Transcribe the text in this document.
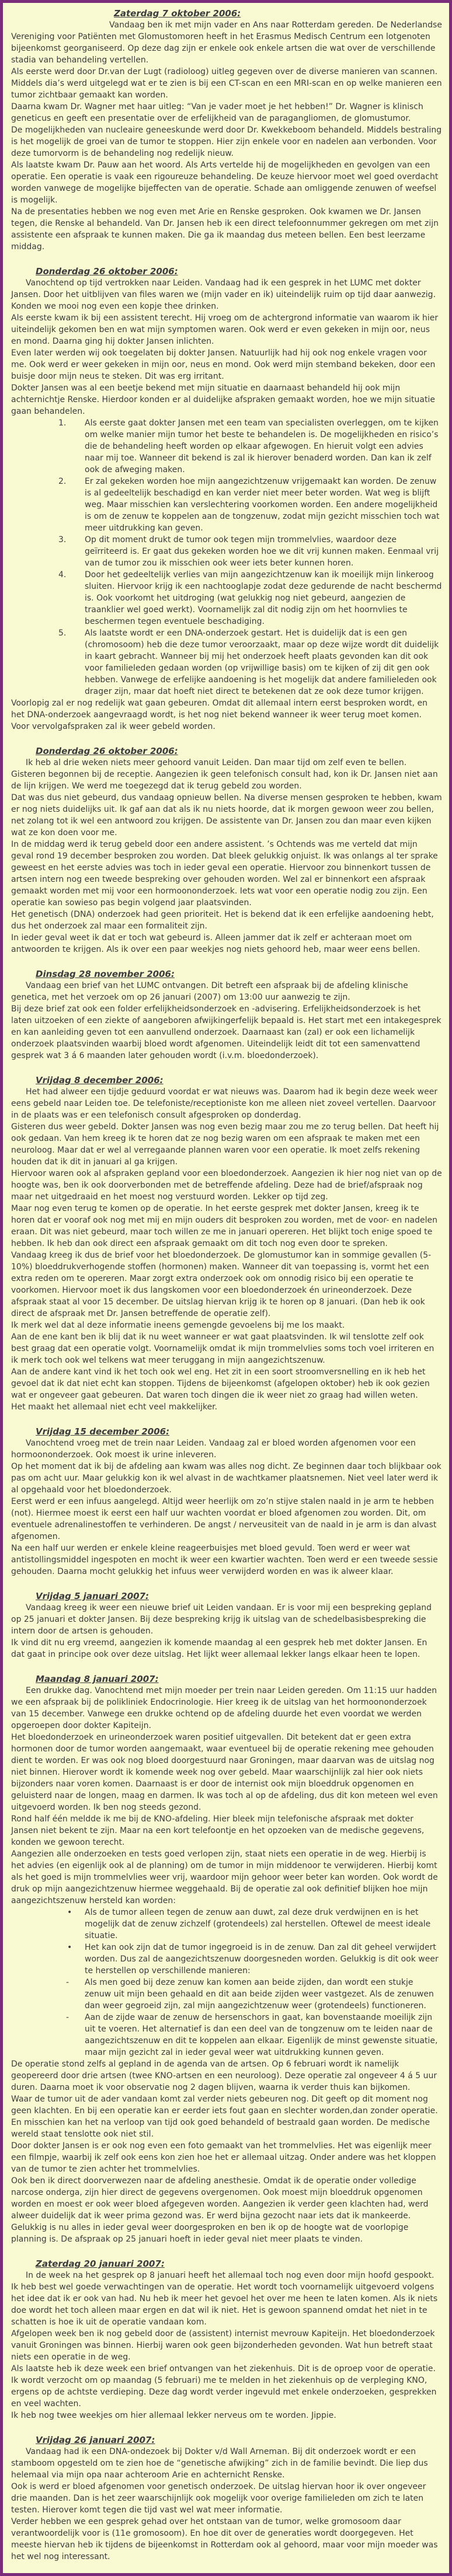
Zaterdag 7 oktober 2006:

Vandaag ben ik met mijn vader en Ans naar Rotterdam gereden. De Nederlandse Vereniging voor Patiënten met Glomustomoren heeft in het Erasmus Medisch Centrum een lotgenoten bijeenkomst georganiseerd. Op deze dag zijn er enkele ook enkele artsen die wat over de verschillende stadia van behandeling vertellen.

Als eerste werd door Dr.van der Lugt (radioloog) uitleg gegeven over de diverse manieren van scannen. Middels dia’s werd uitgelegd wat er te zien is bij een CT-scan en een MRI-scan en op welke manieren een tumor zichtbaar gemaakt kan worden.

Daarna kwam Dr. Wagner met haar uitleg: “Van je vader moet je het hebben!” Dr. Wagner is klinisch geneticus en geeft een presentatie over de erfelijkheid van de paragangliomen, de glomustumor.

De mogelijkheden van nucleaire geneeskunde werd door Dr. Kwekkeboom behandeld. Middels bestraling is het mogelijk de groei van de tumor te stoppen. Hier zijn enkele voor en nadelen aan verbonden. Voor deze tumorvorm is de behandeling nog redelijk nieuw.

Als laatste kwam Dr. Pauw aan het woord. Als Arts vertelde hij de mogelijkheden en gevolgen van een operatie. Een operatie is vaak een rigoureuze behandeling. De keuze hiervoor moet wel goed overdacht worden vanwege de mogelijke bijeffecten van de operatie. Schade aan omliggende zenuwen of weefsel is mogelijk.

Na de presentaties hebben we nog even met Arie en Renske gesproken. Ook kwamen we Dr. Jansen tegen, die Renske al behandeld. Van Dr. Jansen heb ik een direct telefoonnummer gekregen om met zijn assistente een afspraak te kunnen maken. Die ga ik maandag dus meteen bellen. Een best leerzame middag.

Donderdag 26 oktober 2006:

Vanochtend op tijd vertrokken naar Leiden. Vandaag had ik een gesprek in het LUMC met dokter Jansen. Door het uitblijven van files waren we (mijn vader en ik) uiteindelijk ruim op tijd daar aanwezig. Konden we mooi nog even een kopje thee drinken.

Als eerste kwam ik bij een assistent terecht. Hij vroeg om de achtergrond informatie van waarom ik hier uiteindelijk gekomen ben en wat mijn symptomen waren. Ook werd er even gekeken in mijn oor, neus en mond. Daarna ging hij dokter Jansen inlichten.

Even later werden wij ook toegelaten bij dokter Jansen. Natuurlijk had hij ook nog enkele vragen voor me. Ook werd er weer gekeken in mijn oor, neus en mond. Ook werd mijn stemband bekeken, door een buisje door mijn neus te steken. Dit was erg irritant.

Dokter Jansen was al een beetje bekend met mijn situatie en daarnaast behandeld hij ook mijn achternichtje Renske. Hierdoor konden er al duidelijke afspraken gemaakt worden, hoe we mijn situatie gaan behandelen.

1. Als eerste gaat dokter Jansen met een team van specialisten overleggen, om te kijken om welke manier mijn tumor het beste te behandelen is. De mogelijkheden en risico’s die de behandeling heeft worden op elkaar afgewogen. En hieruit volgt een advies naar mij toe. Wanneer dit bekend is zal ik hierover benaderd worden. Dan kan ik zelf ook de afweging maken.
2. Er zal gekeken worden hoe mijn aangezichtzenuw vrijgemaakt kan worden. De zenuw is al gedeeltelijk beschadigd en kan verder niet meer beter worden. Wat weg is blijft weg. Maar misschien kan verslechtering voorkomen worden. Een andere mogelijkheid is om de zenuw te koppelen aan de tongzenuw, zodat mijn gezicht misschien toch wat meer uitdrukking kan geven.
3. Op dit moment drukt de tumor ook tegen mijn trommelvlies, waardoor deze geïrriteerd is. Er gaat dus gekeken worden hoe we dit vrij kunnen maken. Eenmaal vrij van de tumor zou ik misschien ook weer iets beter kunnen horen.
4. Door het gedeeltelijk verlies van mijn aangezichtzenuw kan ik moeilijk mijn linkeroog sluiten. Hiervoor krijg ik een nachtooglapje zodat deze gedurende de nacht beschermd is. Ook voorkomt het uitdroging (wat gelukkig nog niet gebeurd, aangezien de traanklier wel goed werkt). Voornamelijk zal dit nodig zijn om het hoornvlies te beschermen tegen eventuele beschadiging.
5. Als laatste wordt er een DNA-onderzoek gestart. Het is duidelijk dat is een gen (chromosoom) heb die deze tumor veroorzaakt, maar op deze wijze wordt dit duidelijk in kaart gebracht. Wanneer bij mij het onderzoek heeft plaats gevonden kan dit ook voor familieleden gedaan worden (op vrijwillige basis) om te kijken of zij dit gen ook hebben. Vanwege de erfelijke aandoening is het mogelijk dat andere familieleden ook drager zijn, maar dat hoeft niet direct te betekenen dat ze ook deze tumor krijgen.

Voorlopig zal er nog redelijk wat gaan gebeuren. Omdat dit allemaal intern eerst besproken wordt, en het DNA-onderzoek aangevraagd wordt, is het nog niet bekend wanneer ik weer terug moet komen. Voor vervolgafspraken zal ik weer gebeld worden.

Donderdag 26 oktober 2006:

Ik heb al drie weken niets meer gehoord vanuit Leiden. Dan maar tijd om zelf even te bellen. Gisteren begonnen bij de receptie. Aangezien ik geen telefonisch consult had, kon ik Dr. Jansen niet aan de lijn krijgen. We werd me toegezegd dat ik terug gebeld zou worden.

Dat was dus niet gebeurd, dus vandaag opnieuw bellen. Na diverse mensen gesproken te hebben, kwam er nog niets duidelijks uit. Ik gaf aan dat als ik nu niets hoorde, dat ik morgen gewoon weer zou bellen, net zolang tot ik wel een antwoord zou krijgen. De assistente van Dr. Jansen zou dan maar even kijken wat ze kon doen voor me.

In de middag werd ik terug gebeld door een andere assistent. ’s Ochtends was me verteld dat mijn geval rond 19 december besproken zou worden. Dat bleek gelukkig onjuist. Ik was onlangs al ter sprake geweest en het eerste advies was toch in ieder geval een operatie. Hiervoor zou binnenkort tussen de artsen intern nog een tweede bespreking over gehouden worden. Wel zal er binnenkort een afspraak gemaakt worden met mij voor een hormoononderzoek. Iets wat voor een operatie nodig zou zijn. Een operatie kan sowieso pas begin volgend jaar plaatsvinden.

Het genetisch (DNA) onderzoek had geen prioriteit. Het is bekend dat ik een erfelijke aandoening hebt, dus het onderzoek zal maar een formaliteit zijn.

In ieder geval weet ik dat er toch wat gebeurd is. Alleen jammer dat ik zelf er achteraan moet om antwoorden te krijgen. Als ik over een paar weekjes nog niets gehoord heb, maar weer eens bellen.

Dinsdag 28 november 2006:

Vandaag een brief van het LUMC ontvangen. Dit betreft een afspraak bij de afdeling klinische genetica, met het verzoek om op 26 januari (2007) om 13:00 uur aanwezig te zijn.

Bij deze brief zat ook een folder erfelijkheidsonderzoek en -advisering. Erfelijkheidsonderzoek is het laten uitzoeken of een ziekte of aangeboren afwijkingerfelijk bepaald is. Het start met een intakegesprek en kan aanleiding geven tot een aanvullend onderzoek. Daarnaast kan (zal) er ook een lichamelijk onderzoek plaatsvinden waarbij bloed wordt afgenomen. Uiteindelijk leidt dit tot een samenvattend gesprek wat 3 á 6 maanden later gehouden wordt (i.v.m. bloedonderzoek).

Vrijdag 8 december 2006:

Het had alweer een tijdje geduurd voordat er wat nieuws was. Daarom had ik begin deze week weer eens gebeld naar Leiden toe. De telefoniste/receptioniste kon me alleen niet zoveel vertellen. Daarvoor in de plaats was er een telefonisch consult afgesproken op donderdag.

Gisteren dus weer gebeld. Dokter Jansen was nog even bezig maar zou me zo terug bellen. Dat heeft hij ook gedaan. Van hem kreeg ik te horen dat ze nog bezig waren om een afspraak te maken met een neuroloog. Maar dat er wel al verregaande plannen waren voor een operatie. Ik moet zelfs rekening houden dat ik dit in januari al ga krijgen.

Hiervoor waren ook al afspraken gepland voor een bloedonderzoek. Aangezien ik hier nog niet van op de hoogte was, ben ik ook doorverbonden met de betreffende afdeling. Deze had de brief/afspraak nog maar net uitgedraaid en het moest nog verstuurd worden. Lekker op tijd zeg.

Maar nog even terug te komen op de operatie. In het eerste gesprek met dokter Jansen, kreeg ik te horen dat er vooraf ook nog met mij en mijn ouders dit besproken zou worden, met de voor- en nadelen eraan. Dit was niet gebeurd, maar toch willen ze me in januari opereren. Het blijkt toch enige spoed te hebben. Ik heb dan ook direct een afspraak gemaakt om dit toch nog even door te spreken.

Vandaag kreeg ik dus de brief voor het bloedonderzoek. De glomustumor kan in sommige gevallen (5-10%) bloeddrukverhogende stoffen (hormonen) maken. Wanneer dit van toepassing is, vormt het een extra reden om te opereren. Maar zorgt extra onderzoek ook om onnodig risico bij een operatie te voorkomen. Hiervoor moet ik dus langskomen voor een bloedonderzoek én urineonderzoek. Deze afspraak staat al voor 15 december. De uitslag hiervan krijg ik te horen op 8 januari. (Dan heb ik ook direct de afspraak met Dr. Jansen betreffende de operatie zelf).

Ik merk wel dat al deze informatie ineens gemengde gevoelens bij me los maakt.

Aan de ene kant ben ik blij dat ik nu weet wanneer er wat gaat plaatsvinden. Ik wil tenslotte zelf ook best graag dat een operatie volgt. Voornamelijk omdat ik mijn trommelvlies soms toch voel irriteren en ik merk toch ook wel telkens wat meer teruggang in mijn aangezichtszenuw.

Aan de andere kant vind ik het toch ook wel eng. Het zit in een soort stroomversnelling en ik heb het gevoel dat ik dat niet echt kan stoppen. Tijdens de bijeenkomst (afgelopen oktober) heb ik ook gezien wat er ongeveer gaat gebeuren. Dat waren toch dingen die ik weer niet zo graag had willen weten.

Het maakt het allemaal niet echt veel makkelijker.

Vrijdag 15 december 2006:

Vanochtend vroeg met de trein naar Leiden. Vandaag zal er bloed worden afgenomen voor een hormoononderzoek. Ook moest ik urine inleveren.

Op het moment dat ik bij de afdeling aan kwam was alles nog dicht. Ze beginnen daar toch blijkbaar ook pas om acht uur. Maar gelukkig kon ik wel alvast in de wachtkamer plaatsnemen. Niet veel later werd ik al opgehaald voor het bloedonderzoek.

Eerst werd er een infuus aangelegd. Altijd weer heerlijk om zo’n stijve stalen naald in je arm te hebben (not). Hiermee moest ik eerst een half uur wachten voordat er bloed afgenomen zou worden. Dit, om eventuele adrenalinestoffen te verhinderen. De angst / nerveusiteit van de naald in je arm is dan alvast afgenomen.

Na een half uur werden er enkele kleine reageerbuisjes met bloed gevuld. Toen werd er weer wat antistollingsmiddel ingespoten en mocht ik weer een kwartier wachten. Toen werd er een tweede sessie gehouden. Daarna mocht gelukkig het infuus weer verwijderd worden en was ik alweer klaar.

Vrijdag 5 januari 2007:

Vandaag kreeg ik weer een nieuwe brief uit Leiden vandaan. Er is voor mij een bespreking gepland op 25 januari et dokter Jansen. Bij deze bespreking krijg ik uitslag van de schedelbasisbespreking die intern door de artsen is gehouden.

Ik vind dit nu erg vreemd, aangezien ik komende maandag al een gesprek heb met dokter Jansen. En dat gaat in principe ook over deze uitslag. Het lijkt weer allemaal lekker langs elkaar heen te lopen.

Maandag 8 januari 2007:

Een drukke dag. Vanochtend met mijn moeder per trein naar Leiden gereden. Om 11:15 uur hadden we een afspraak bij de polikliniek Endocrinologie. Hier kreeg ik de uitslag van het hormoononderzoek van 15 december. Vanwege een drukke ochtend op de afdeling duurde het even voordat we werden opgeroepen door dokter Kapiteijn.

Het bloedonderzoek en urineonderzoek waren positief uitgevallen. Dit betekent dat er geen extra hormonen door de tumor worden aangemaakt, waar eventueel bij de operatie rekening mee gehouden dient te worden. Er was ook nog bloed doorgestuurd naar Groningen, maar daarvan was de uitslag nog niet binnen. Hierover wordt ik komende week nog over gebeld. Maar waarschijnlijk zal hier ook niets bijzonders naar voren komen. Daarnaast is er door de internist ook mijn bloeddruk opgenomen en geluisterd naar de longen, maag en darmen. Ik was toch al op de afdeling, dus dit kon meteen wel even uitgevoerd worden. Ik ben nog steeds gezond.

Rond half één meldde ik me bij de KNO-afdeling. Hier bleek mijn telefonische afspraak met dokter Jansen niet bekent te zijn. Maar na een kort telefoontje en het opzoeken van de medische gegevens, konden we gewoon terecht.

Aangezien alle onderzoeken en tests goed verlopen zijn, staat niets een operatie in de weg. Hierbij is het advies (en eigenlijk ook al de planning) om de tumor in mijn middenoor te verwijderen. Hierbij komt als het goed is mijn trommelvlies weer vrij, waardoor mijn gehoor weer beter kan worden. Ook wordt de druk op mijn aangezichtzenuw hiermee weggehaald. Bij de operatie zal ook definitief blijken hoe mijn aangezichtszenuw hersteld kan worden:

• Als de tumor alleen tegen de zenuw aan duwt, zal deze druk verdwijnen en is het mogelijk dat de zenuw zichzelf (grotendeels) zal herstellen. Oftewel de meest ideale situatie.
• Het kan ook zijn dat de tumor ingegroeid is in de zenuw. Dan zal dit geheel verwijdert worden. Dus zal de aangezichtszenuw doorgesneden worden. Gelukkig is dit ook weer te herstellen op verschillende manieren:
- Als men goed bij deze zenuw kan komen aan beide zijden, dan wordt een stukje zenuw uit mijn been gehaald en dit aan beide zijden weer vastgezet. Als de zenuwen dan weer gegroeid zijn, zal mijn aangezichtzenuw weer (grotendeels) functioneren.
- Aan de zijde waar de zenuw de hersenschors in gaat, kan bovenstaande moeilijk zijn uit te voeren. Het alternatief is dan een deel van de tongzenuw om te leiden naar de aangezichtszenuw en dit te koppelen aan elkaar. Eigenlijk de minst gewenste situatie, maar mijn gezicht zal in ieder geval weer wat uitdrukking kunnen geven.

De operatie stond zelfs al gepland in de agenda van de artsen. Op 6 februari wordt ik namelijk geopereerd door drie artsen (twee KNO-artsen en een neuroloog). Deze operatie zal ongeveer 4 á 5 uur duren. Daarna moet ik voor observatie nog 2 dagen blijven, waarna ik verder thuis kan bijkomen.

Waar de tumor uit de ader vandaan komt zal verder niets gebeuren nog. Dit geeft op dit moment nog geen klachten. En bij een operatie kan er eerder iets fout gaan en slechter worden,dan zonder operatie. En misschien kan het na verloop van tijd ook goed behandeld of bestraald gaan worden. De medische wereld staat tenslotte ook niet stil.

Door dokter Jansen is er ook nog even een foto gemaakt van het trommelvlies. Het was eigenlijk meer een filmpje, waarbij ik zelf ook eens kon zien hoe het er allemaal uitzag. Onder andere was het kloppen van de tumor te zien achter het trommelvlies.

Ook ben ik direct doorverwezen naar de afdeling anesthesie. Omdat ik de operatie onder volledige narcose onderga, zijn hier direct de gegevens overgenomen. Ook moest mijn bloeddruk opgenomen worden en moest er ook weer bloed afgegeven worden. Aangezien ik verder geen klachten had, werd alweer duidelijk dat ik weer prima gezond was. Er werd bijna gezocht naar iets dat ik mankeerde.

Gelukkig is nu alles in ieder geval weer doorgesproken en ben ik op de hoogte wat de voorlopige planning is. De afspraak op 25 januari hoeft in ieder geval niet meer plaats te vinden.

Zaterdag 20 januari 2007:

In de week na het gesprek op 8 januari heeft het allemaal toch nog even door mijn hoofd gespookt. Ik heb best wel goede verwachtingen van de operatie. Het wordt toch voornamelijk uitgevoerd volgens het idee dat ik er ook van had. Nu heb ik meer het gevoel het over me heen te laten komen. Als ik niets doe wordt het toch alleen maar ergen en dat wil ik niet. Het is gewoon spannend omdat het niet in te schatten is hoe ik uit de operatie vandaan kom.

Afgelopen week ben ik nog gebeld door de (assistent) internist mevrouw Kapiteijn. Het bloedonderzoek vanuit Groningen was binnen. Hierbij waren ook geen bijzonderheden gevonden. Wat hun betreft staat niets een operatie in de weg.

Als laatste heb ik deze week een brief ontvangen van het ziekenhuis. Dit is de oproep voor de operatie. Ik wordt verzocht om op maandag (5 februari) me te melden in het ziekenhuis op de verpleging KNO, ergens op de achtste verdieping. Deze dag wordt verder ingevuld met enkele onderzoeken, gesprekken en veel wachten.

Ik heb nog twee weekjes om hier allemaal lekker nerveus om te worden. Jippie.

Vrijdag 26 januari 2007:

Vandaag had ik een DNA-ondezoek bij Dokter v/d Wall Arneman. Bij dit onderzoek wordt er een stamboom opgesteld om te zien hoe de “genetische afwijking” zich in de familie bevindt. Die liep dus helemaal via mijn opa naar achteroom Arie en achternicht Renske.

Ook is werd er bloed afgenomen voor genetisch onderzoek. De uitslag hiervan hoor ik over ongeveer drie maanden. Dan is het zeer waarschijnlijk ook mogelijk voor overige familieleden om zich te laten testen. Hierover komt tegen die tijd vast wel wat meer informatie.

Verder hebben we een gesprek gehad over het ontstaan van de tumor, welke gromosoom daar verantwoordelijk voor is (11e gromosoom). En hoe dit over de generaties wordt doorgegeven. Het meeste hiervan heb ik tijdens de bijeenkomst in Rotterdam ook al gehoord, maar voor mijn moeder was het wel nog interessant.
